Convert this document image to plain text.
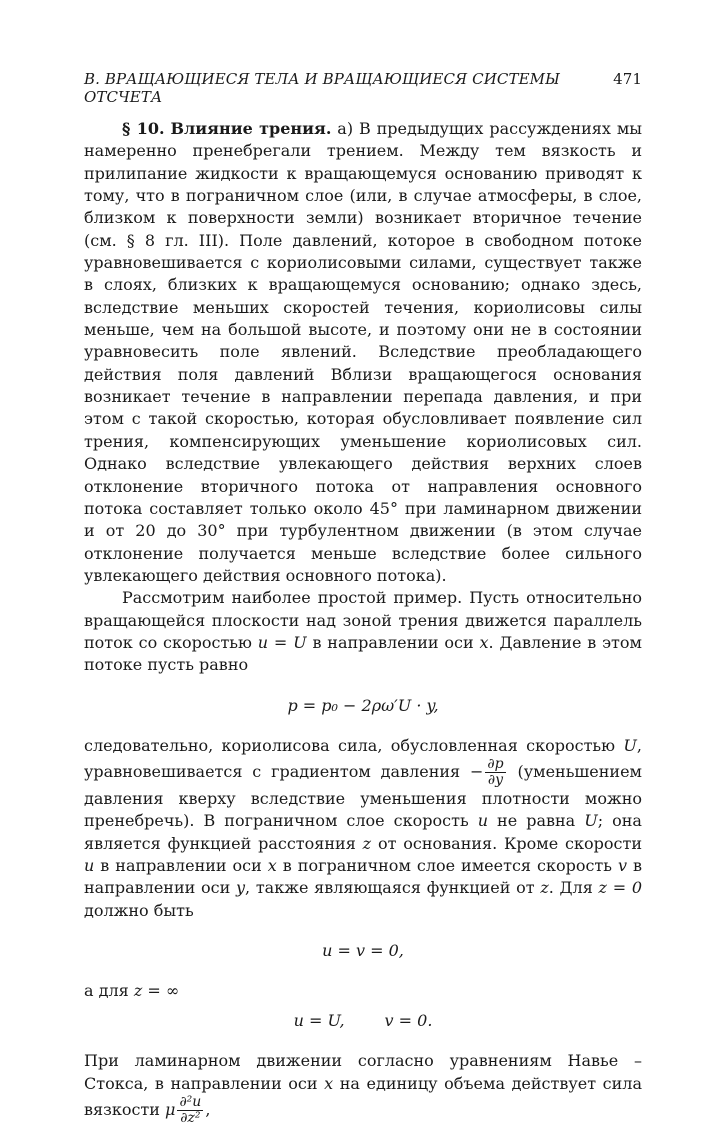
В. ВРАЩАЮЩИЕСЯ ТЕЛА И ВРАЩАЮЩИЕСЯ СИСТЕМЫ ОТСЧЕТА
471

§ 10. Влияние трения. а) В предыдущих рассуждениях мы намеренно пренебрегали трением. Между тем вязкость и прилипание жидкости к вращающемуся основанию приводят к тому, что в пограничном слое (или, в случае атмосферы, в слое, близком к поверхности земли) возникает вторичное течение (см. § 8 гл. III). Поле давлений, которое в свободном потоке уравновешивается с кориолисовыми силами, существует также в слоях, близких к вращающемуся основанию; однако здесь, вследствие меньших скоростей течения, кориолисовы силы меньше, чем на большой высоте, и поэтому они не в состоянии уравновесить поле явлений. Вследствие преобладающего действия поля давлений Вблизи вращающегося основания возникает течение в направлении перепада давления, и при этом с такой скоростью, которая обусловливает появление сил трения, компенсирующих уменьшение кориолисовых сил. Однако вследствие увлекающего действия верхних слоев отклонение вторичного потока от направления основного потока составляет только около 45° при ламинарном движении и от 20 до 30° при турбулентном движении (в этом случае отклонение получается меньше вследствие более сильного увлекающего действия основного потока).

Рассмотрим наиболее простой пример. Пусть относительно вращающейся плоскости над зоной трения движется параллель поток со скоростью u = U в направлении оси x. Давление в этом потоке пусть равно

p = p₀ − 2ρω′U · y,

следовательно, кориолисова сила, обусловленная скоростью U, уравновешивается с градиентом давления − $\frac{\partial p}{\partial y}$ (уменьшением давления кверху вследствие уменьшения плотности можно пренебречь). В пограничном слое скорость u не равна U; она является функцией расстояния z от основания. Кроме скорости u в направлении оси x в пограничном слое имеется скорость v в направлении оси y, также являющаяся функцией от z. Для z = 0 должно быть

u = v = 0,

а для z = ∞

u = U,	v = 0.

При ламинарном движении согласно уравнениям Навье – Стокса, в направлении оси x на единицу объема действует сила вязкости μ $\frac{\text{∂²u}}{\text{∂z²}}$ ,
